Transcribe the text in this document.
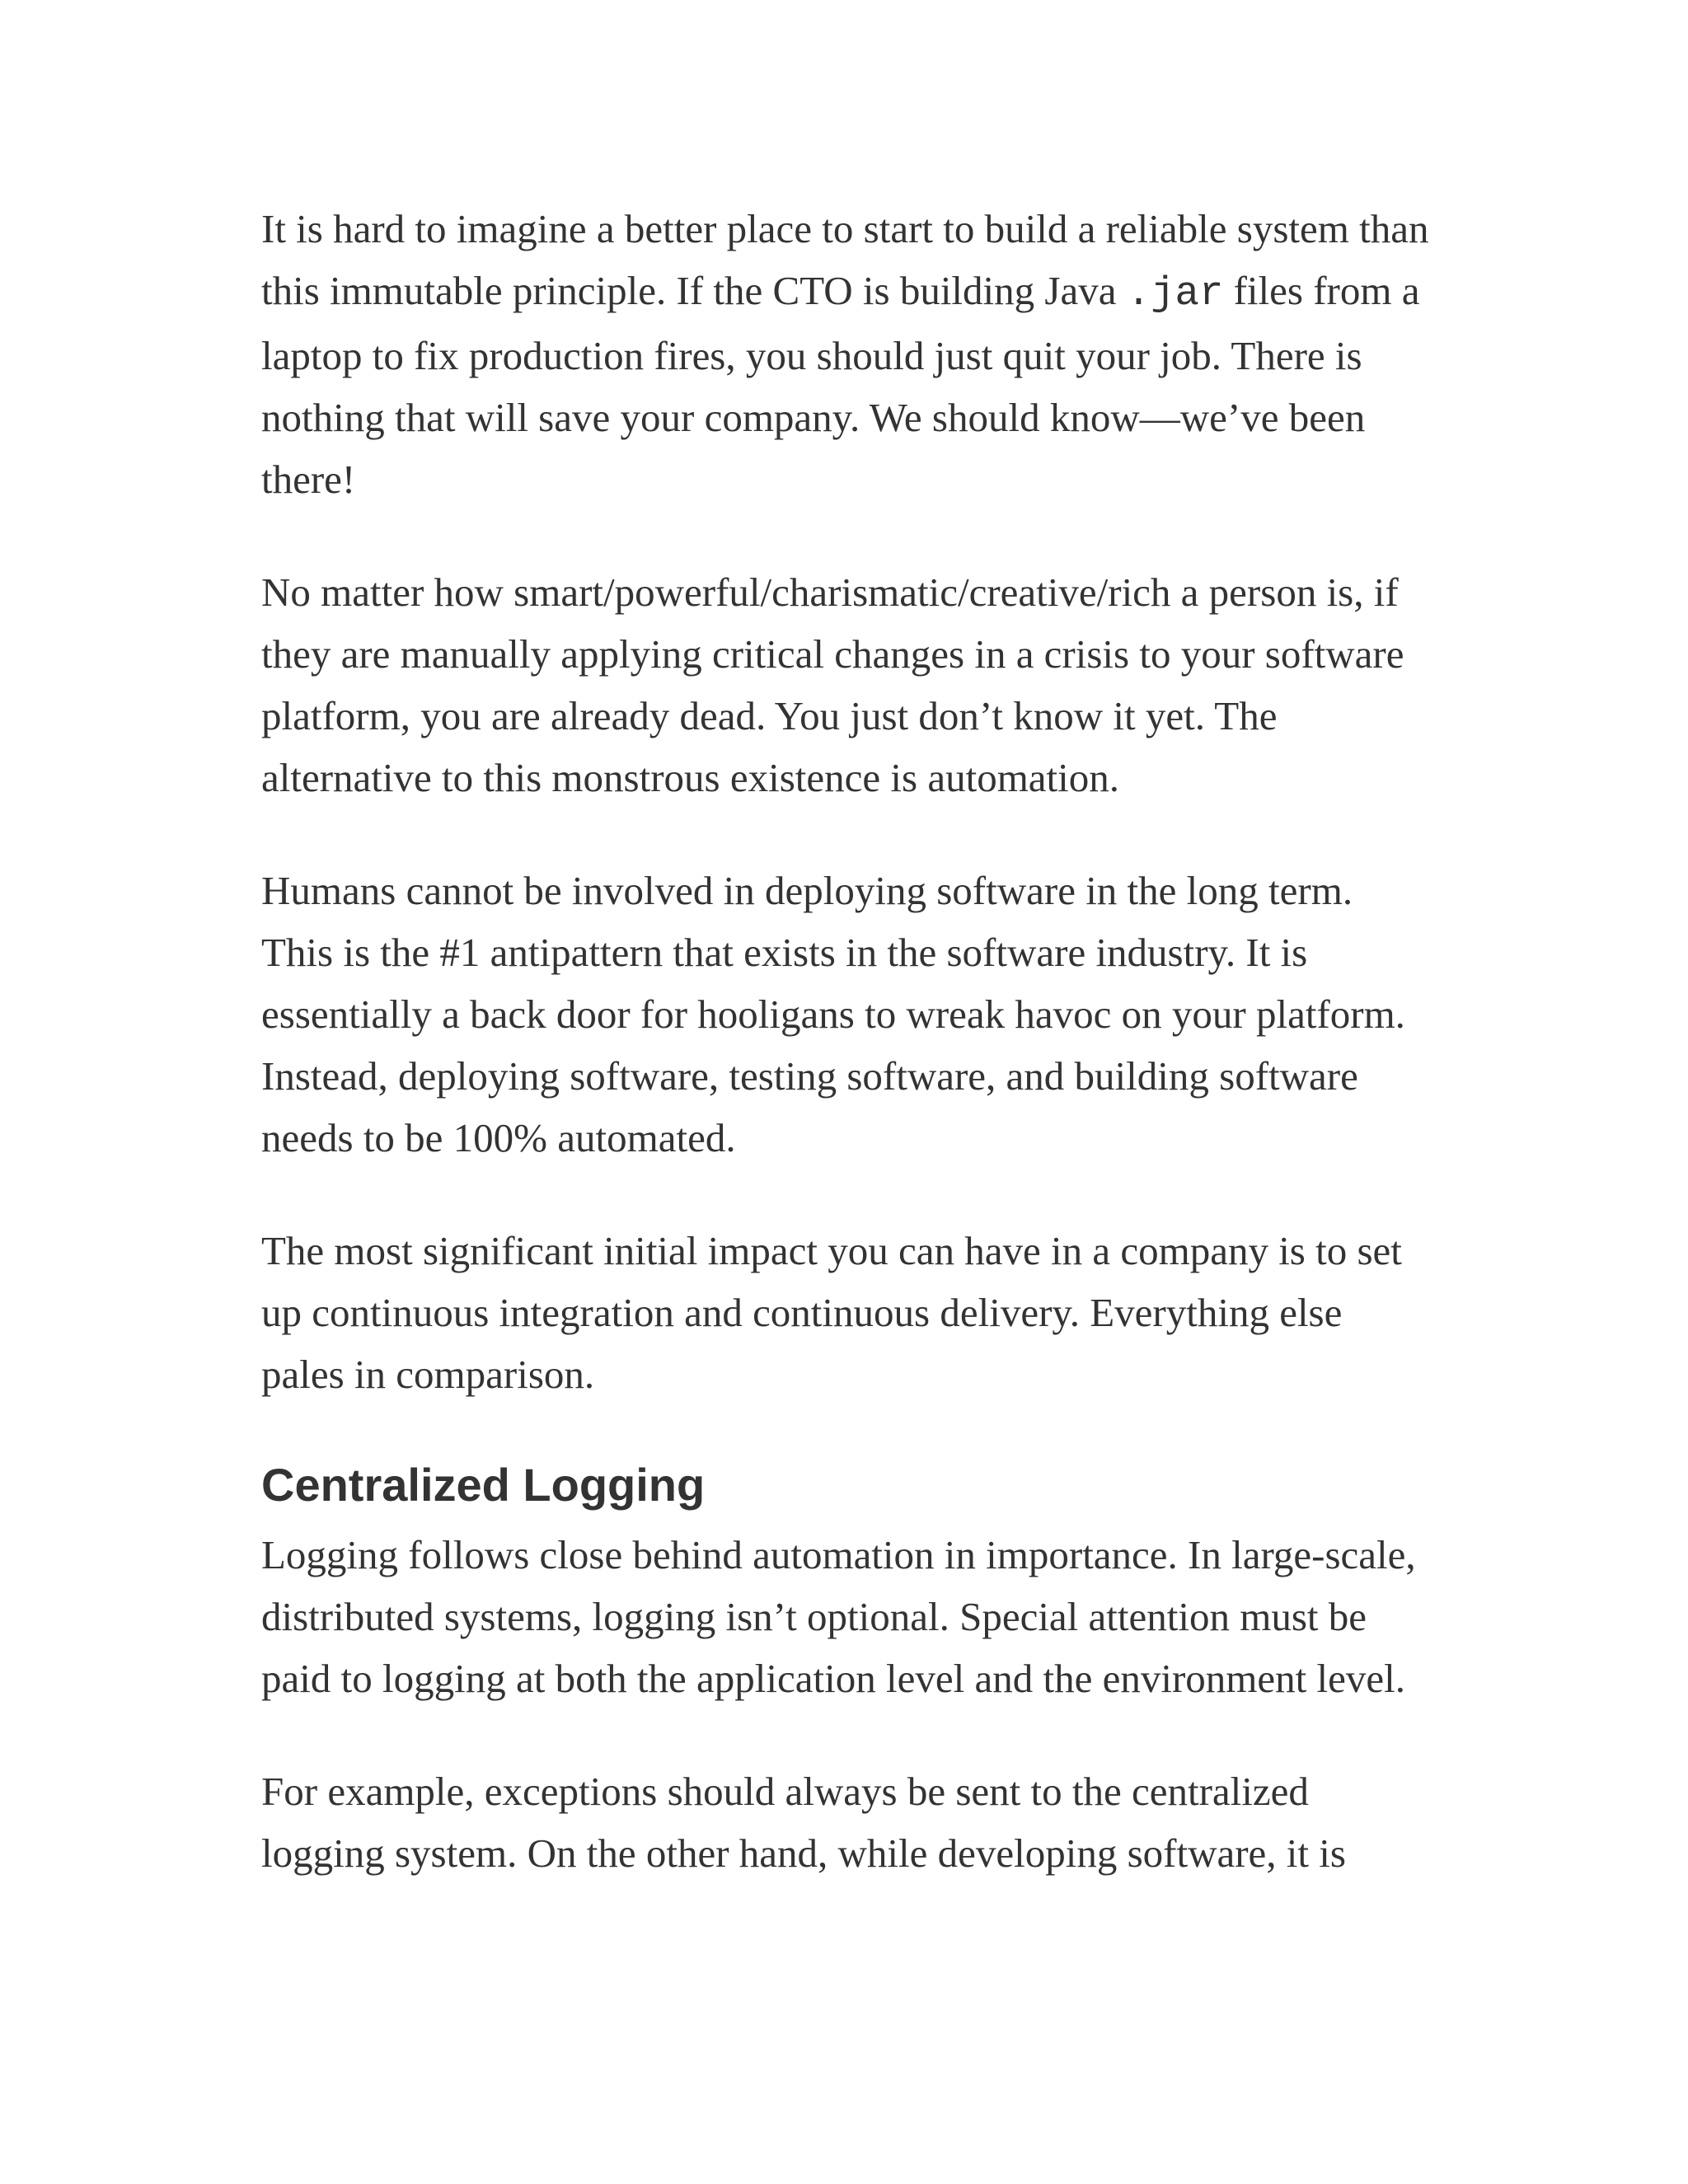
It is hard to imagine a better place to start to build a reliable system than this immutable principle. If the CTO is building Java .jar files from a laptop to fix production fires, you should just quit your job. There is nothing that will save your company. We should know—we’ve been there!

No matter how smart/powerful/charismatic/creative/rich a person is, if they are manually applying critical changes in a crisis to your software platform, you are already dead. You just don’t know it yet. The alternative to this monstrous existence is automation.

Humans cannot be involved in deploying software in the long term. This is the #1 antipattern that exists in the software industry. It is essentially a back door for hooligans to wreak havoc on your platform. Instead, deploying software, testing software, and building software needs to be 100% automated.

The most significant initial impact you can have in a company is to set up continuous integration and continuous delivery. Everything else pales in comparison.

Centralized Logging

Logging follows close behind automation in importance. In large-scale, distributed systems, logging isn’t optional. Special attention must be paid to logging at both the application level and the environment level.

For example, exceptions should always be sent to the centralized logging system. On the other hand, while developing software, it is
